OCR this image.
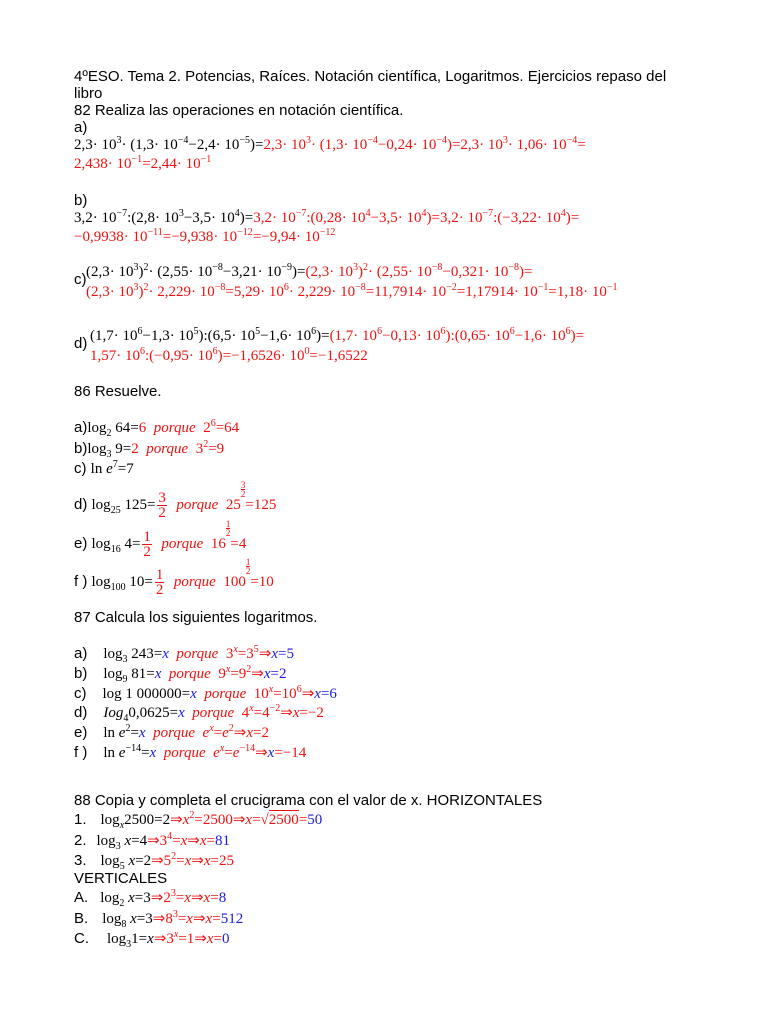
4ºESO. Tema 2. Potencias, Raíces. Notación científica, Logaritmos. Ejercicios repaso del
libro
82 Realiza las operaciones en notación científica.
a)
$2,3\cdot 10^3\cdot (1,3\cdot 10^{-4}-2,4\cdot 10^{-5})=2,3\cdot 10^3\cdot (1,3\cdot 10^{-4}-0,24\cdot 10^{-4})=2,3\cdot 10^3\cdot 1,06\cdot 10^{-4}=$
$2,438\cdot 10^{-1}=2,44\cdot 10^{-1}$
b)
$3,2\cdot 10^{-7}:(2,8\cdot 10^3-3,5\cdot 10^4)=3,2\cdot$ $10^{-7}:(0,28\cdot 10^4-3,5\cdot 10^4)=3,2\cdot$ $10^{-7}:(-3,22\cdot 10^4)=$
$-0,9938\cdot 10^{-11}=-9,938\cdot 10^{-12}=-9,94\cdot 10^{-12}$
c) $(2,3\cdot 10^3)^2\cdot (2,55\cdot 10^{-8}-3,21\cdot 10^{-9})=(2,3\cdot 10^3)^2\cdot (2,55\cdot 10^{-8}-0,321\cdot 10^{-8})=$
$(2,3\cdot 10^3)^2\cdot 2,229\cdot 10^{-8}=5,29\cdot 10^6\cdot 2,229\cdot 10^{-8}=11,7914\cdot 10^{-2}=1,17914\cdot 10^{-1}=1,18\cdot 10^{-1}$
d) ($1,7\cdot 10^6-1,3\cdot$ $10^5):(6,5\cdot 10^5-1,6\cdot 10^6)=(1,7\cdot 10^6-0,13\cdot$ $10^6):(0,65\cdot 10^6-1,6\cdot 10^6)=$
$1,57\cdot 10^6:(-0,95\cdot 10^6)=-1,6526\cdot 10^0=-1,6522$
86 Resuelve.
$a)\log_2$ 64=6  porque  $2^6=64$
$b)\log_3$ 9=2  porque  $3^2=9$
c) $\ln e^7=7$
d) $\log_{25} 125= \frac{3}{2}$ porque  25
$\frac{3}{2}$
=125
e) $\log_{16} 4= \frac{1}{2}$ porque  16
$\frac{1}{2}$
=4
f ) $\log_{100} 10= \frac{1}{2}$ porque  100
$\frac{1}{2}$
=10
87 Calcula los siguientes logaritmos.
a) $\log_3 243=x$ porque $3^x=3^5\Rightarrow x=5$
b) $\log_9 81=x$ porque $9^x=9^2\Rightarrow x=2$
c) log 1 000000=x porque $10^x=10^6\Rightarrow x=6$
d) Iog$_4$0,0625=x porque $4^x=4^{-2}\Rightarrow x=-2$
e) $\ln e^2=x$ porque $e^x=e^2\Rightarrow x=2$
f ) $\ln e^{-14}=x$ porque $e^x=e^{-14}\Rightarrow x=-14$
88 Copia y completa el crucigrama con el valor de x. HORIZONTALES
1. $\log_x2500=2\Rightarrow x^2=2500\Rightarrow x=√2500=50$
2. $\log_3$ $x=4\Rightarrow 3^4=x\Rightarrow x=81$
3. $\log_5$ $x=2\Rightarrow 5^2=x\Rightarrow x=25$
VERTICALES
A. $\log_2$ $x=3\Rightarrow 2^3=x\Rightarrow x=8$
B. $\log_8$ $x=3\Rightarrow 8^3=x\Rightarrow x=512$
C. $\log_31=x\Rightarrow 3^x=1\Rightarrow x=0$
